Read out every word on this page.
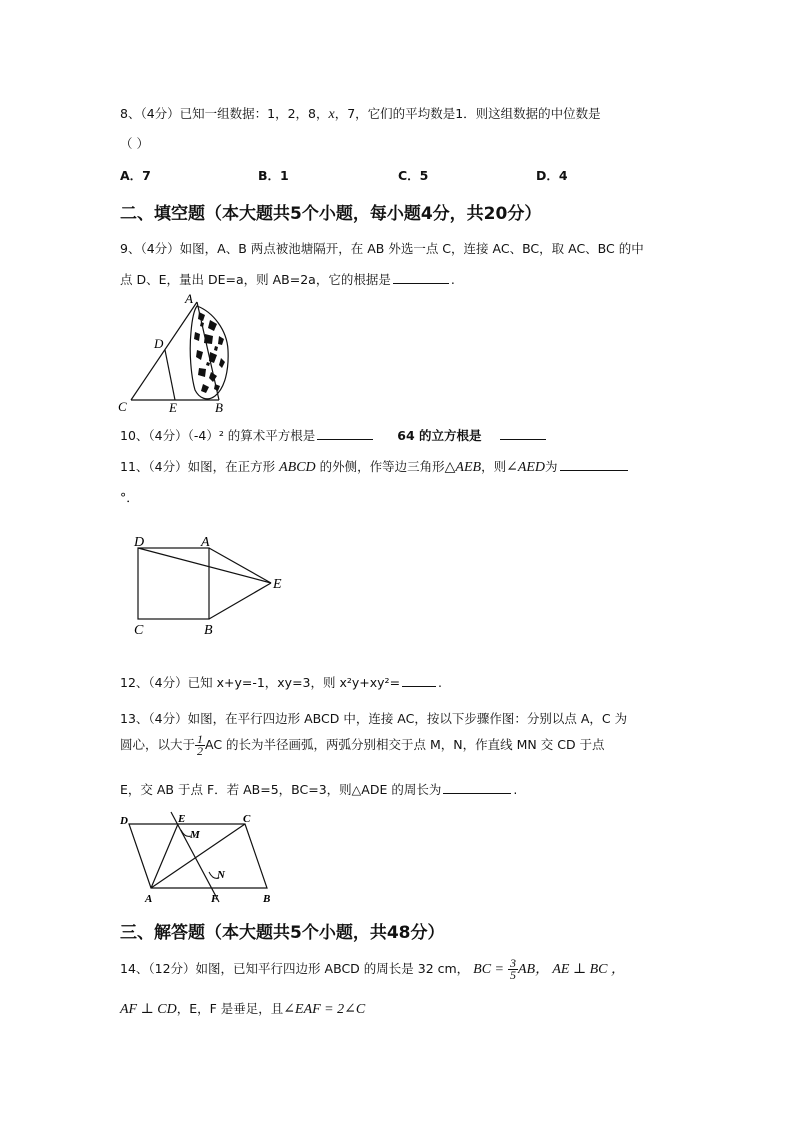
8、（4分）已知一组数据：1，2，8，x，7，它们的平均数是1．则这组数据的中位数是
（ ）
A．7	B．1	C．5	D．4
二、填空题（本大题共5个小题，每小题4分，共20分）
9、（4分）如图，A、B 两点被池塘隔开，在 AB 外选一点 C，连接 AC、BC，取 AC、BC 的中
点 D、E，量出 DE=a，则 AB=2a，它的根据是	.
A
D
C	E	B
10、（4分）（-4）² 的算术平方根是	64 的立方根是
11、（4分）如图，在正方形 ABCD 的外侧，作等边三角形△AEB，则∠AED为
°．
D	A
E
C	B
12、（4分）已知 x+y=-1，xy=3，则 x²y+xy²=	.
13、（4分）如图，在平行四边形 ABCD 中，连接 AC，按以下步骤作图：分别以点 A，C 为
圆心，以大于 $\frac{1}{2}$ AC 的长为半径画弧，两弧分别相交于点 M，N，作直线 MN 交 CD 于点
E，交 AB 于点 F．若 AB=5，BC=3，则△ADE 的周长为	.
D	E
M
C
N
A	F	B
三、解答题（本大题共5个小题，共48分）
14、（12分）如图，已知平行四边形 ABCD 的周长是 32 cm， BC = $\frac{3}{5}$ AB， AE ⊥ BC ，
AF ⊥ CD，E，F 是垂足，且∠EAF = 2∠C
